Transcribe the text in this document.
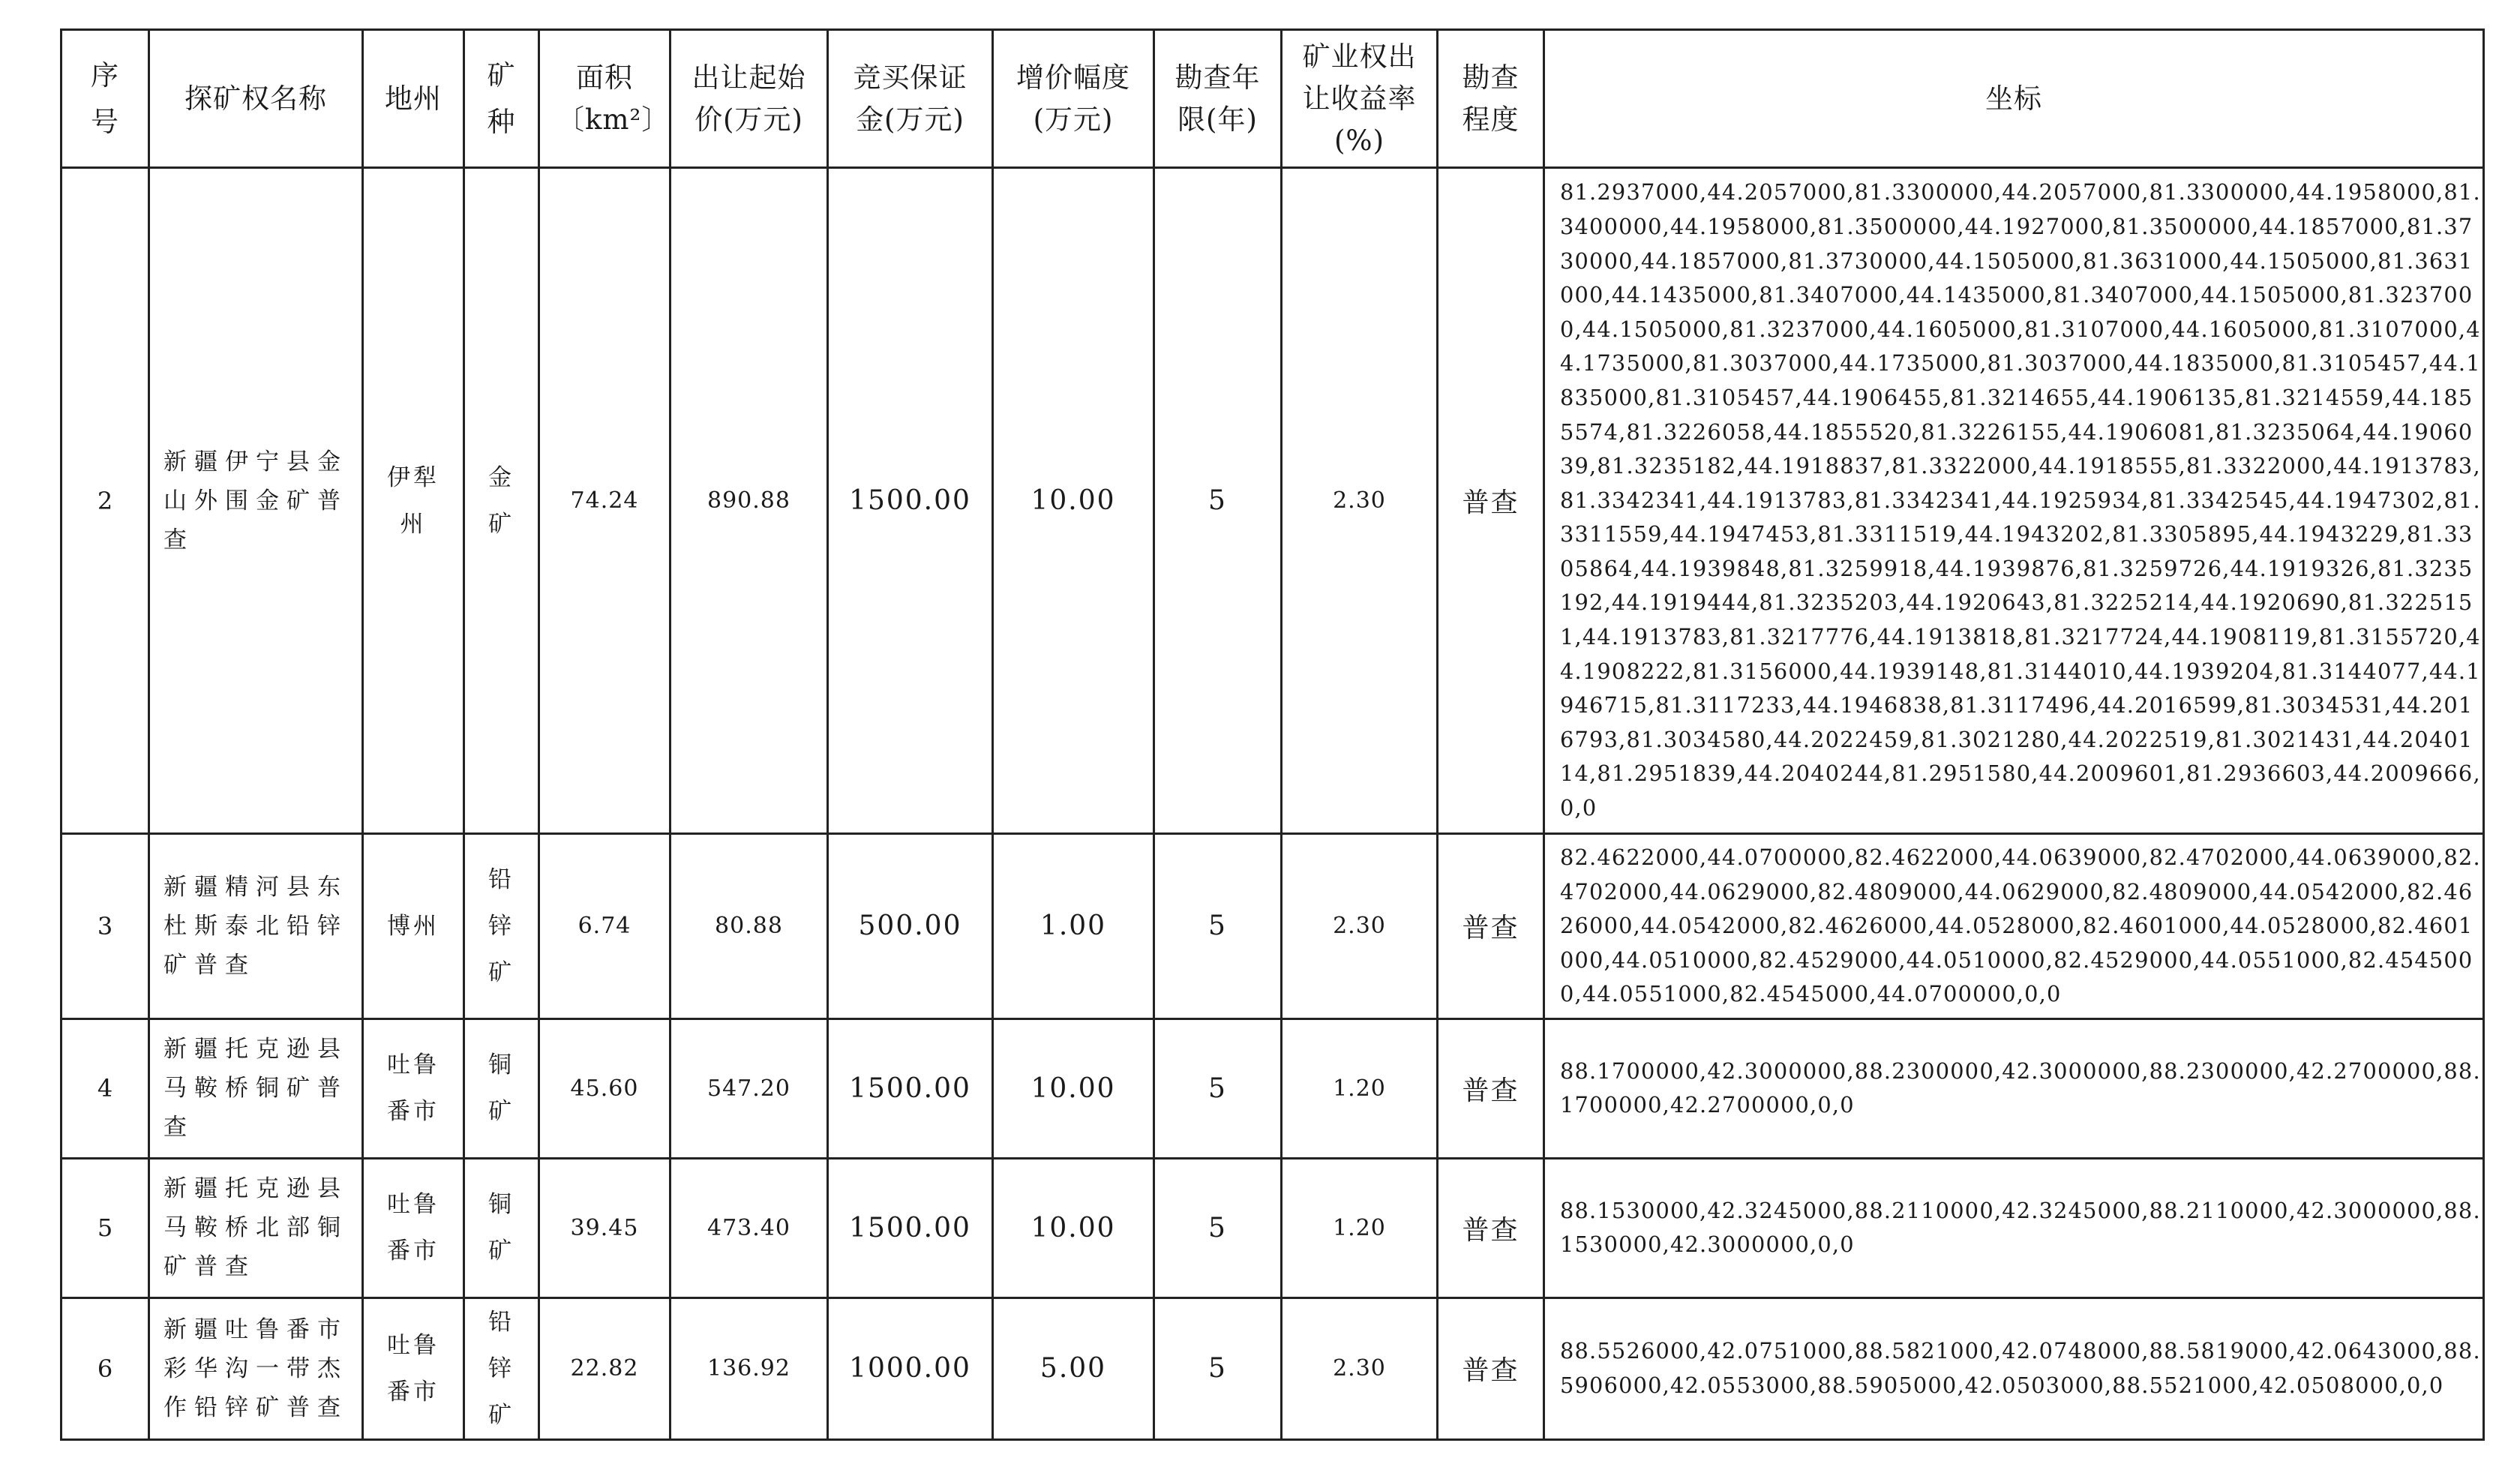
序号	探矿权名称	地州	矿种	面积〔km²〕	出让起始价(万元)	竞买保证金(万元)	增价幅度(万元)	勘查年限(年)	矿业权出让收益率(%)	勘查程度	坐标
2	新疆伊宁县金山外围金矿普查	伊犁州	金矿	74.24	890.88	1500.00	10.00	5	2.30	普查	81.2937000,44.2057000,81.3300000,44.2057000,81.3300000,44.1958000,81.3400000,44.1958000,81.3500000,44.1927000,81.3500000,44.1857000,81.3730000,44.1857000,81.3730000,44.1505000,81.3631000,44.1505000,81.3631000,44.1435000,81.3407000,44.1435000,81.3407000,44.1505000,81.3237000,44.1505000,81.3237000,44.1605000,81.3107000,44.1605000,81.3107000,44.1735000,81.3037000,44.1735000,81.3037000,44.1835000,81.3105457,44.1835000,81.3105457,44.1906455,81.3214655,44.1906135,81.3214559,44.1855574,81.3226058,44.1855520,81.3226155,44.1906081,81.3235064,44.1906039,81.3235182,44.1918837,81.3322000,44.1918555,81.3322000,44.1913783,81.3342341,44.1913783,81.3342341,44.1925934,81.3342545,44.1947302,81.3311559,44.1947453,81.3311519,44.1943202,81.3305895,44.1943229,81.3305864,44.1939848,81.3259918,44.1939876,81.3259726,44.1919326,81.3235192,44.1919444,81.3235203,44.1920643,81.3225214,44.1920690,81.3225151,44.1913783,81.3217776,44.1913818,81.3217724,44.1908119,81.3155720,44.1908222,81.3156000,44.1939148,81.3144010,44.1939204,81.3144077,44.1946715,81.3117233,44.1946838,81.3117496,44.2016599,81.3034531,44.2016793,81.3034580,44.2022459,81.3021280,44.2022519,81.3021431,44.2040114,81.2951839,44.2040244,81.2951580,44.2009601,81.2936603,44.2009666,0,0
3	新疆精河县东杜斯泰北铅锌矿普查	博州	铅锌矿	6.74	80.88	500.00	1.00	5	2.30	普查	82.4622000,44.0700000,82.4622000,44.0639000,82.4702000,44.0639000,82.4702000,44.0629000,82.4809000,44.0629000,82.4809000,44.0542000,82.4626000,44.0542000,82.4626000,44.0528000,82.4601000,44.0528000,82.4601000,44.0510000,82.4529000,44.0510000,82.4529000,44.0551000,82.4545000,44.0551000,82.4545000,44.0700000,0,0
4	新疆托克逊县马鞍桥铜矿普查	吐鲁番市	铜矿	45.60	547.20	1500.00	10.00	5	1.20	普查	88.1700000,42.3000000,88.2300000,42.3000000,88.2300000,42.2700000,88.1700000,42.2700000,0,0
5	新疆托克逊县马鞍桥北部铜矿普查	吐鲁番市	铜矿	39.45	473.40	1500.00	10.00	5	1.20	普查	88.1530000,42.3245000,88.2110000,42.3245000,88.2110000,42.3000000,88.1530000,42.3000000,0,0
6	新疆吐鲁番市彩华沟一带杰作铅锌矿普查	吐鲁番市	铅锌矿	22.82	136.92	1000.00	5.00	5	2.30	普查	88.5526000,42.0751000,88.5821000,42.0748000,88.5819000,42.0643000,88.5906000,42.0553000,88.5905000,42.0503000,88.5521000,42.0508000,0,0
